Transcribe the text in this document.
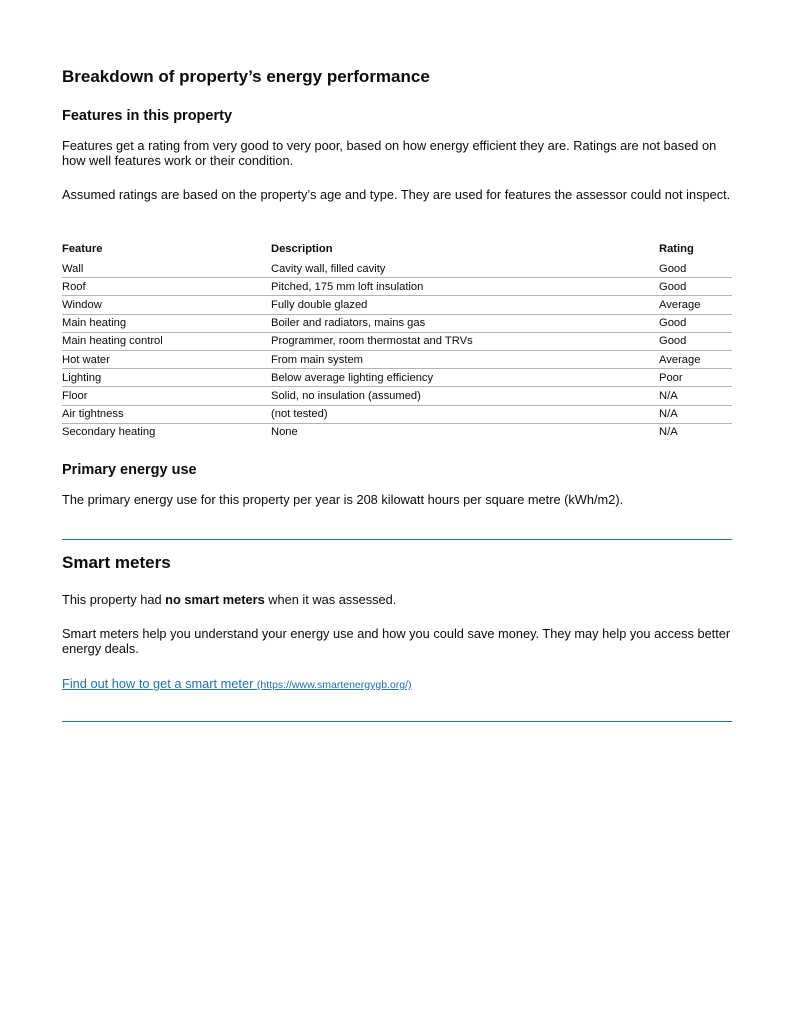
Breakdown of property’s energy performance
Features in this property

Features get a rating from very good to very poor, based on how energy efficient they are. Ratings are not based on how well features work or their condition.

Assumed ratings are based on the property’s age and type. They are used for features the assessor could not inspect.

Feature	Description	Rating
Wall	Cavity wall, filled cavity	Good
Roof	Pitched, 175 mm loft insulation	Good
Window	Fully double glazed	Average
Main heating	Boiler and radiators, mains gas	Good
Main heating control	Programmer, room thermostat and TRVs	Good
Hot water	From main system	Average
Lighting	Below average lighting efficiency	Poor
Floor	Solid, no insulation (assumed)	N/A
Air tightness	(not tested)	N/A
Secondary heating	None	N/A
Primary energy use

The primary energy use for this property per year is 208 kilowatt hours per square metre (kWh/m2).

Smart meters

This property had no smart meters when it was assessed.

Smart meters help you understand your energy use and how you could save money. They may help you access better energy deals.

Find out how to get a smart meter (https://www.smartenergygb.org/)
